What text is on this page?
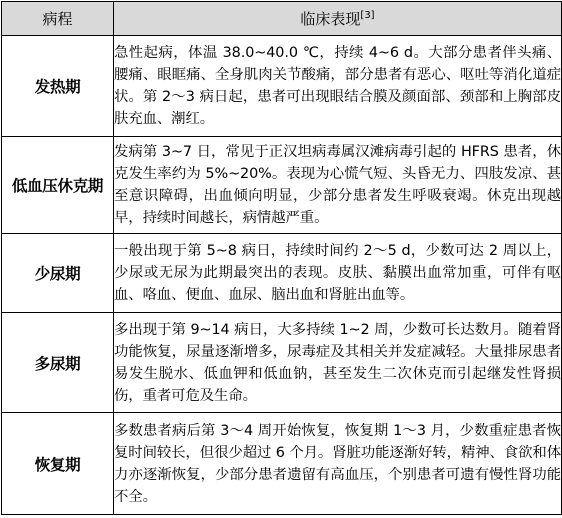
病程	临床表现[3]
发热期	急性起病，体温 38.0~40.0 ℃，持续 4~6 d。大部分患者伴头痛、腰痛、眼眶痛、全身肌肉关节酸痛，部分患者有恶心、呕吐等消化道症状。第 2～3 病日起，患者可出现眼结合膜及颜面部、颈部和上胸部皮肤充血、潮红。
低血压休克期	发病第 3~7 日，常见于正汉坦病毒属汉滩病毒引起的 HFRS 患者，休克发生率约为 5%~20%。表现为心慌气短、头昏无力、四肢发凉、甚至意识障碍，出血倾向明显，少部分患者发生呼吸衰竭。休克出现越早，持续时间越长，病情越严重。
少尿期	一般出现于第 5~8 病日，持续时间约 2～5 d，少数可达 2 周以上，少尿或无尿为此期最突出的表现。皮肤、黏膜出血常加重，可伴有呕血、咯血、便血、血尿、脑出血和肾脏出血等。
多尿期	多出现于第 9~14 病日，大多持续 1~2 周，少数可长达数月。随着肾功能恢复，尿量逐渐增多，尿毒症及其相关并发症减轻。大量排尿患者易发生脱水、低血钾和低血钠，甚至发生二次休克而引起继发性肾损伤，重者可危及生命。
恢复期	多数患者病后第 3～4 周开始恢复，恢复期 1～3 月，少数重症患者恢复时间较长，但很少超过 6 个月。肾脏功能逐渐好转，精神、食欲和体力亦逐渐恢复，少部分患者遗留有高血压，个别患者可遗有慢性肾功能不全。
